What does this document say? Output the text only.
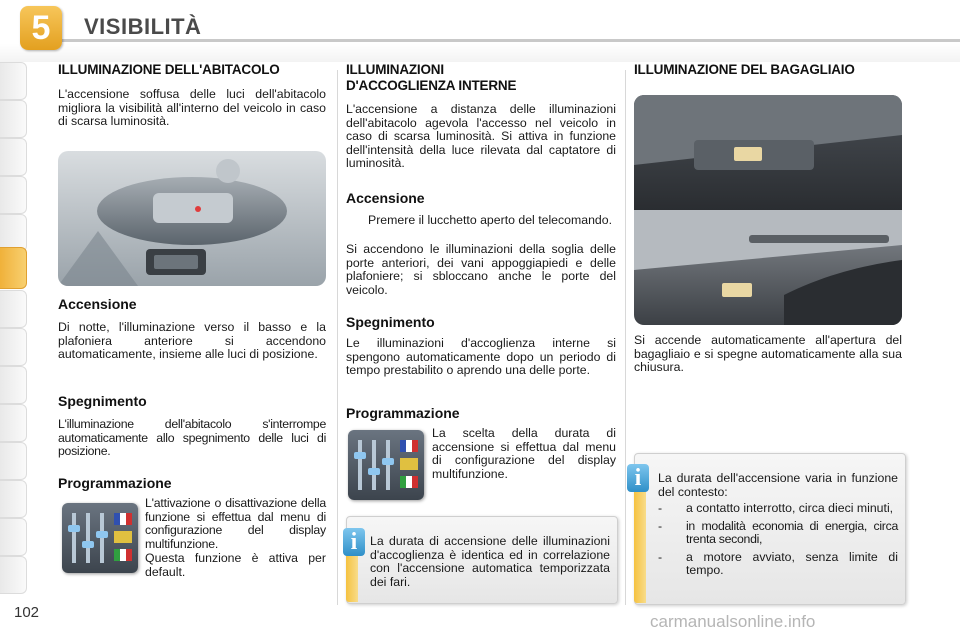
5	VISIBILITÀ
ILLUMINAZIONE DELL'ABITACOLO

L'accensione soffusa delle luci dell'abitacolo migliora la visibilità all'interno del veicolo in caso di scarsa luminosità.

Accensione

Di notte, l'illuminazione verso il basso e la plafoniera anteriore si accendono automaticamente, insieme alle luci di posizione.

Spegnimento

L'illuminazione dell'abitacolo s'interrompe automaticamente allo spegnimento delle luci di posizione.

Programmazione

L'attivazione o disattivazione della funzione si effettua dal menu di configurazione del display multifunzione.

Questa funzione è attiva per default.

ILLUMINAZIONI
D'ACCOGLIENZA INTERNE

L'accensione a distanza delle illuminazioni dell'abitacolo agevola l'accesso nel veicolo in caso di scarsa luminosità. Si attiva in funzione dell'intensità della luce rilevata dal captatore di luminosità.

Accensione
Premere il lucchetto aperto del telecomando.

Si accendono le illuminazioni della soglia delle porte anteriori, dei vani appoggiapiedi e delle plafoniere; si sbloccano anche le porte del veicolo.

Spegnimento

Le illuminazioni d'accoglienza interne si spengono automaticamente dopo un periodo di tempo prestabilito o aprendo una delle porte.

Programmazione

La scelta della durata di accensione si effettua dal menu di configurazione del display multifunzione.

i	La durata di accensione delle illuminazioni d'accoglienza è identica ed in correlazione con l'accensione automatica temporizzata dei fari.

ILLUMINAZIONE DEL BAGAGLIAIO

Si accende automaticamente all'apertura del bagagliaio e si spegne automaticamente alla sua chiusura.

i	La durata dell'accensione varia in funzione del contesto:

- a contatto interrotto, circa dieci minuti,
- in modalità economia di energia, circa trenta secondi,
- a motore avviato, senza limite di tempo.
102	carmanualsonline.info
